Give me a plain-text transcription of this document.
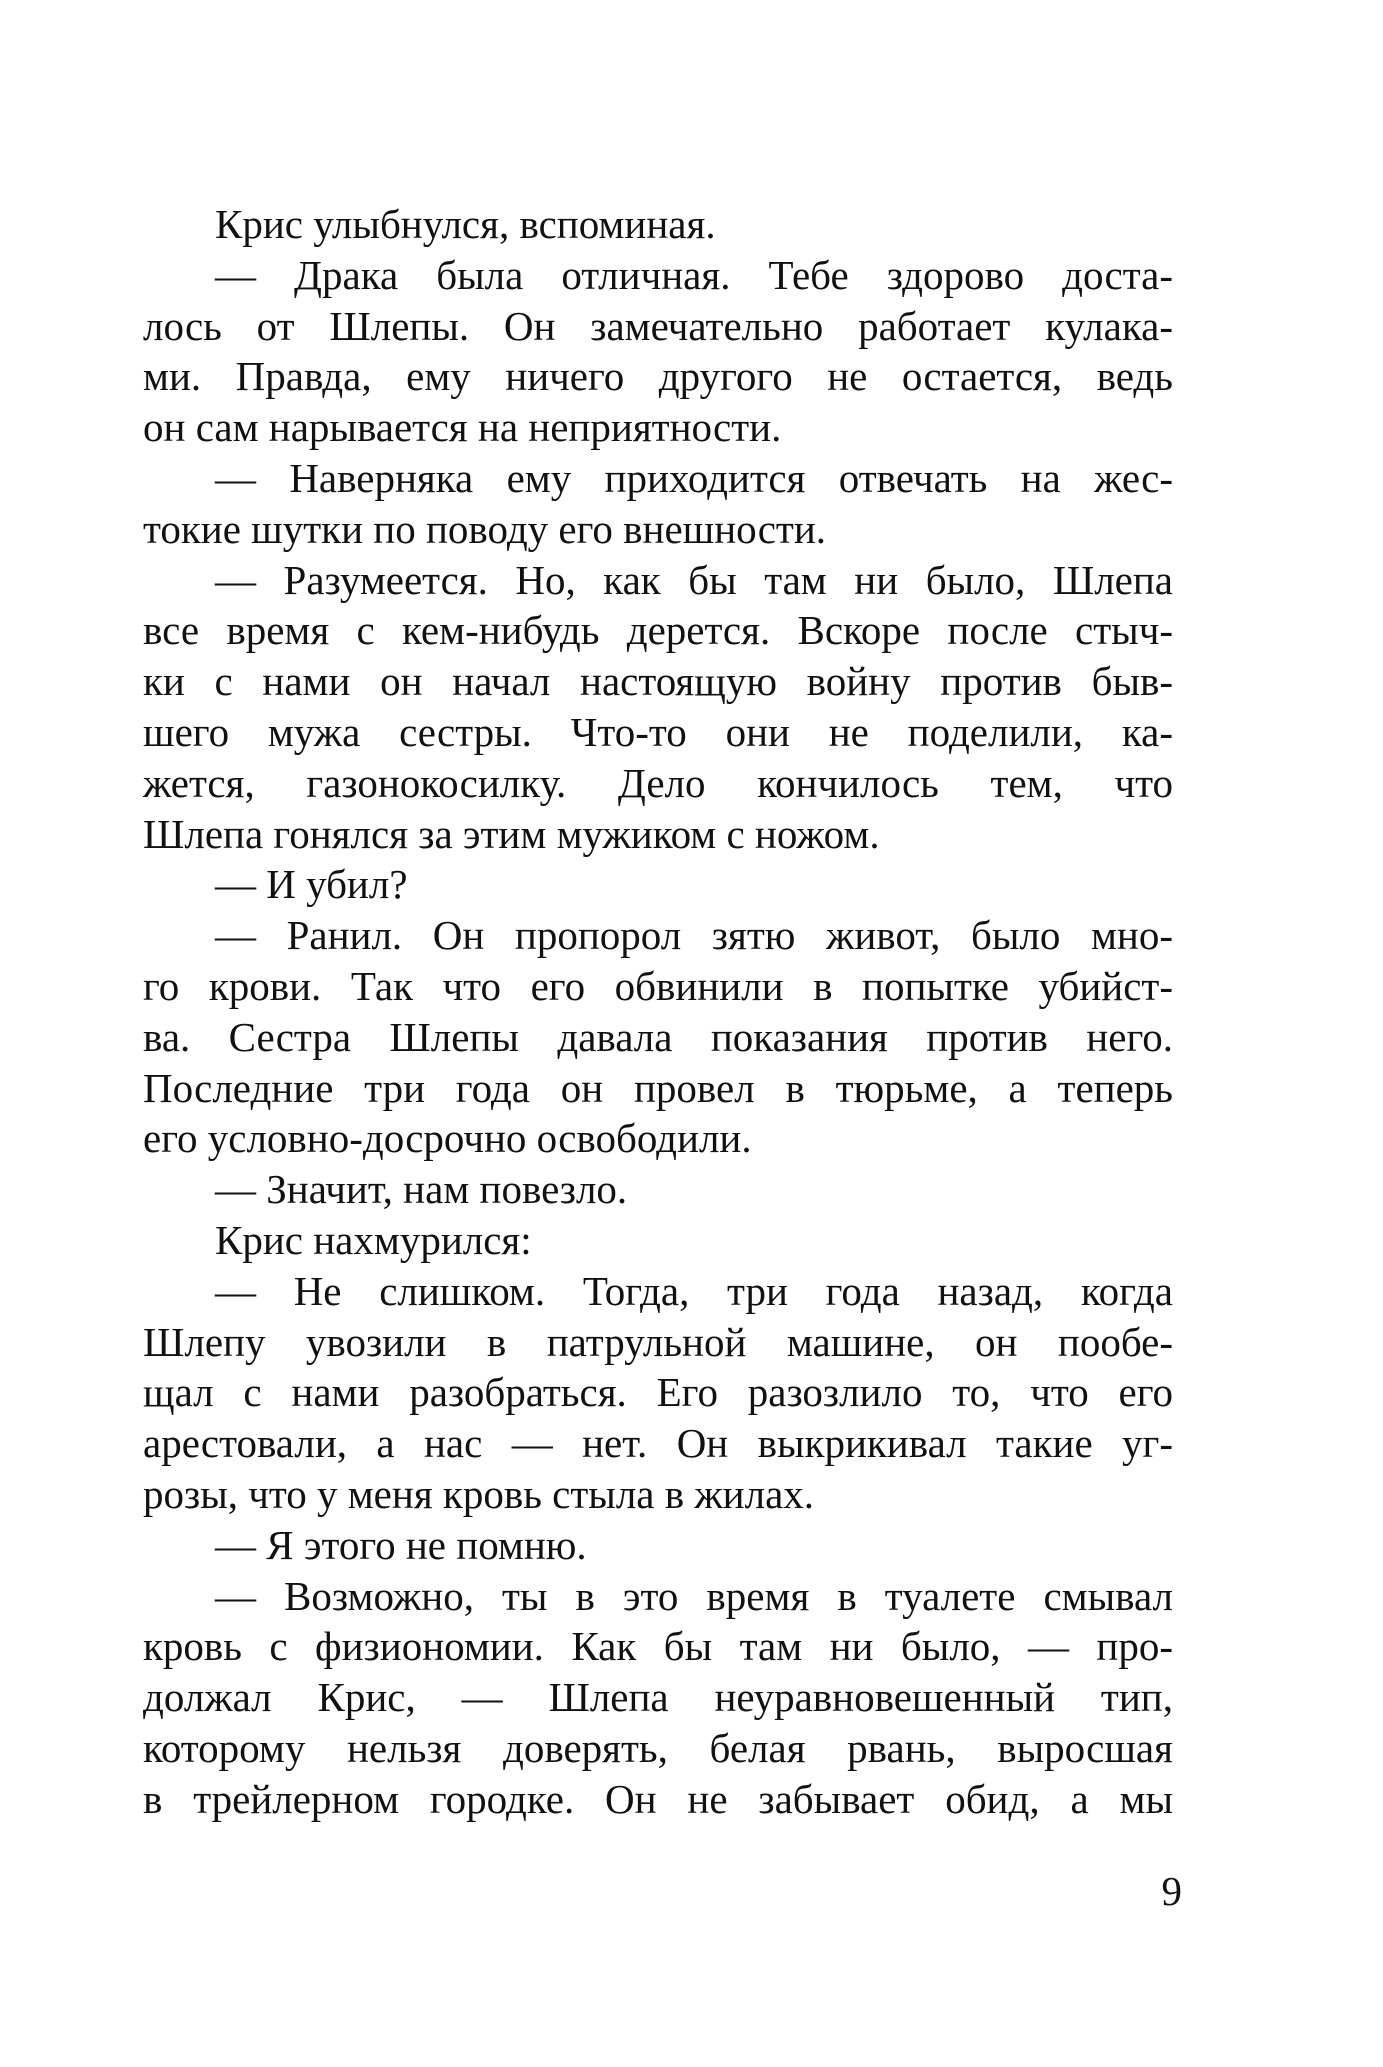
Крис улыбнулся, вспоминая.
— Драка была отличная. Тебе здорово доста-
лось от Шлепы. Он замечательно работает кулака-
ми. Правда, ему ничего другого не остается, ведь
он сам нарывается на неприятности.
— Наверняка ему приходится отвечать на жес-
токие шутки по поводу его внешности.
— Разумеется. Но, как бы там ни было, Шлепа
все время с кем-нибудь дерется. Вскоре после стыч-
ки с нами он начал настоящую войну против быв-
шего мужа сестры. Что-то они не поделили, ка-
жется, газонокосилку. Дело кончилось тем, что
Шлепа гонялся за этим мужиком с ножом.
— И убил?
— Ранил. Он пропорол зятю живот, было мно-
го крови. Так что его обвинили в попытке убийст-
ва. Сестра Шлепы давала показания против него.
Последние три года он провел в тюрьме, а теперь
его условно-досрочно освободили.
— Значит, нам повезло.
Крис нахмурился:
— Не слишком. Тогда, три года назад, когда
Шлепу увозили в патрульной машине, он пообе-
щал с нами разобраться. Его разозлило то, что его
арестовали, а нас — нет. Он выкрикивал такие уг-
розы, что у меня кровь стыла в жилах.
— Я этого не помню.
— Возможно, ты в это время в туалете смывал
кровь с физиономии. Как бы там ни было, — про-
должал Крис, — Шлепа неуравновешенный тип,
которому нельзя доверять, белая рвань, выросшая
в трейлерном городке. Он не забывает обид, а мы
9
